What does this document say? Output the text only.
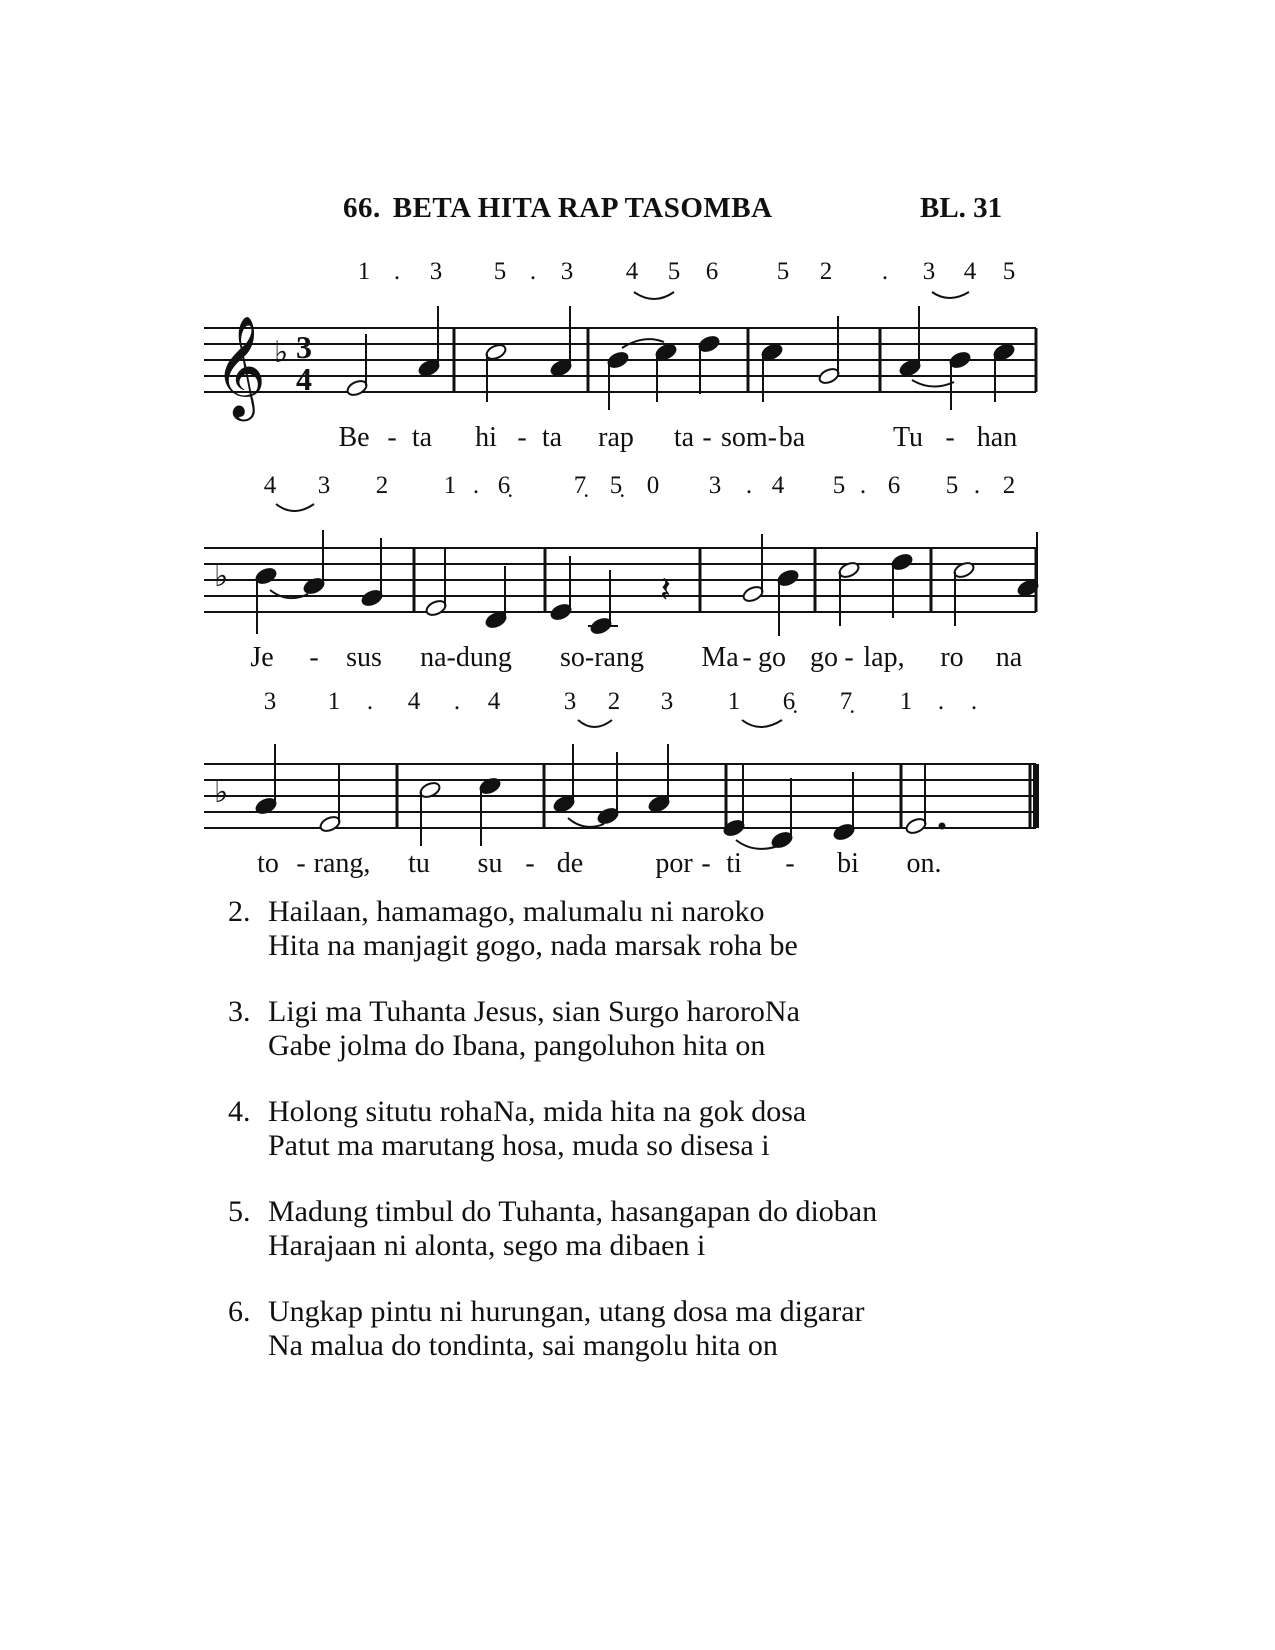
66. BETA HITA RAP TASOMBA	BL. 31
1 . 3 5 . 3 4 5 6 5 2 . 3 4 5
𝄞 ♭ 3
4
Be - ta hi - ta rap ta - som- ba	Tu - han
4 3 2 1 . 6̣	7̣ 5̣ 0 3 . 4 5 . 6 5 . 2
♭	𝄽
Je - sus na-dung so-rang Ma - go go - lap, ro na
3 1 . 4 . 4	3 2 3 1 6̣ 7̣ 1 . .
♭
to - rang, tu su - de	por - ti - bi on.
2. Hailaan, hamamago, malumalu ni naroko
Hita na manjagit gogo, nada marsak roha be
3. Ligi ma Tuhanta Jesus, sian Surgo haroroNa
Gabe jolma do Ibana, pangoluhon hita on
4. Holong situtu rohaNa, mida hita na gok dosa
Patut ma marutang hosa, muda so disesa i
5. Madung timbul do Tuhanta, hasangapan do dioban
Harajaan ni alonta, sego ma dibaen i
6. Ungkap pintu ni hurungan, utang dosa ma digarar
Na malua do tondinta, sai mangolu hita on
